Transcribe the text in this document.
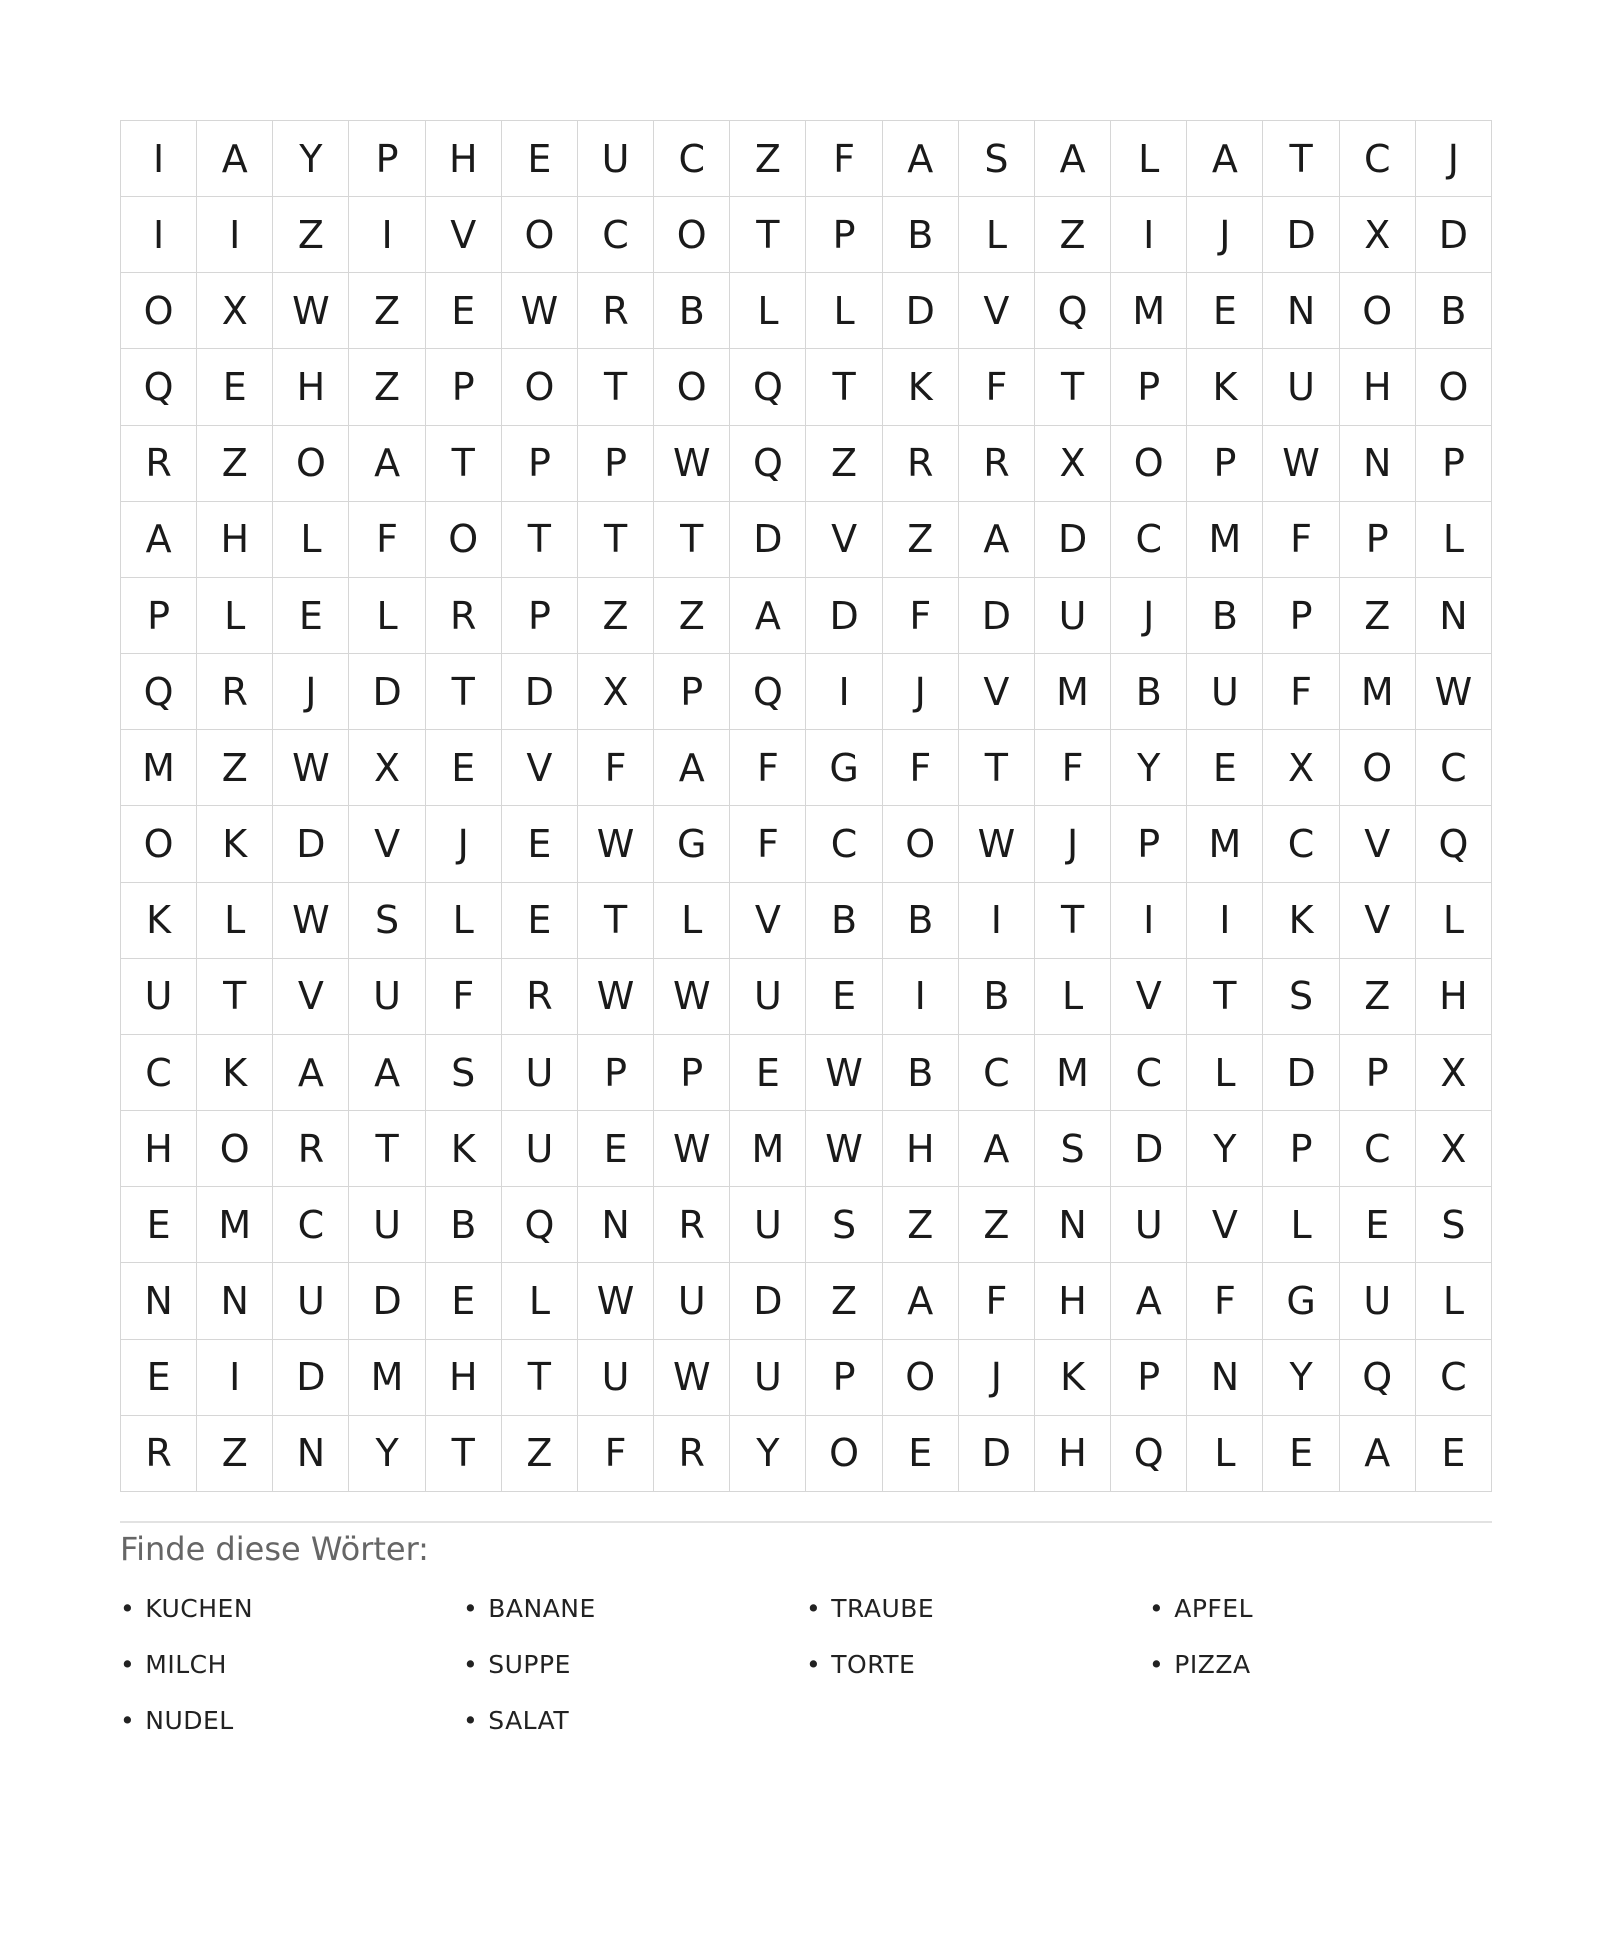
I	A	Y	P	H	E	U	C	Z	F	A	S	A	L	A	T	C	J
I	I	Z	I	V	O	C	O	T	P	B	L	Z	I	J	D	X	D
O	X	W	Z	E	W	R	B	L	L	D	V	Q	M	E	N	O	B
Q	E	H	Z	P	O	T	O	Q	T	K	F	T	P	K	U	H	O
R	Z	O	A	T	P	P	W	Q	Z	R	R	X	O	P	W	N	P
A	H	L	F	O	T	T	T	D	V	Z	A	D	C	M	F	P	L
P	L	E	L	R	P	Z	Z	A	D	F	D	U	J	B	P	Z	N
Q	R	J	D	T	D	X	P	Q	I	J	V	M	B	U	F	M	W
M	Z	W	X	E	V	F	A	F	G	F	T	F	Y	E	X	O	C
O	K	D	V	J	E	W	G	F	C	O	W	J	P	M	C	V	Q
K	L	W	S	L	E	T	L	V	B	B	I	T	I	I	K	V	L
U	T	V	U	F	R	W	W	U	E	I	B	L	V	T	S	Z	H
C	K	A	A	S	U	P	P	E	W	B	C	M	C	L	D	P	X
H	O	R	T	K	U	E	W	M	W	H	A	S	D	Y	P	C	X
E	M	C	U	B	Q	N	R	U	S	Z	Z	N	U	V	L	E	S
N	N	U	D	E	L	W	U	D	Z	A	F	H	A	F	G	U	L
E	I	D	M	H	T	U	W	U	P	O	J	K	P	N	Y	Q	C
R	Z	N	Y	T	Z	F	R	Y	O	E	D	H	Q	L	E	A	E
Finde diese Wörter:
• KUCHEN	• BANANE	• TRAUBE	• APFEL
• MILCH	• SUPPE	• TORTE	• PIZZA
• NUDEL	• SALAT
